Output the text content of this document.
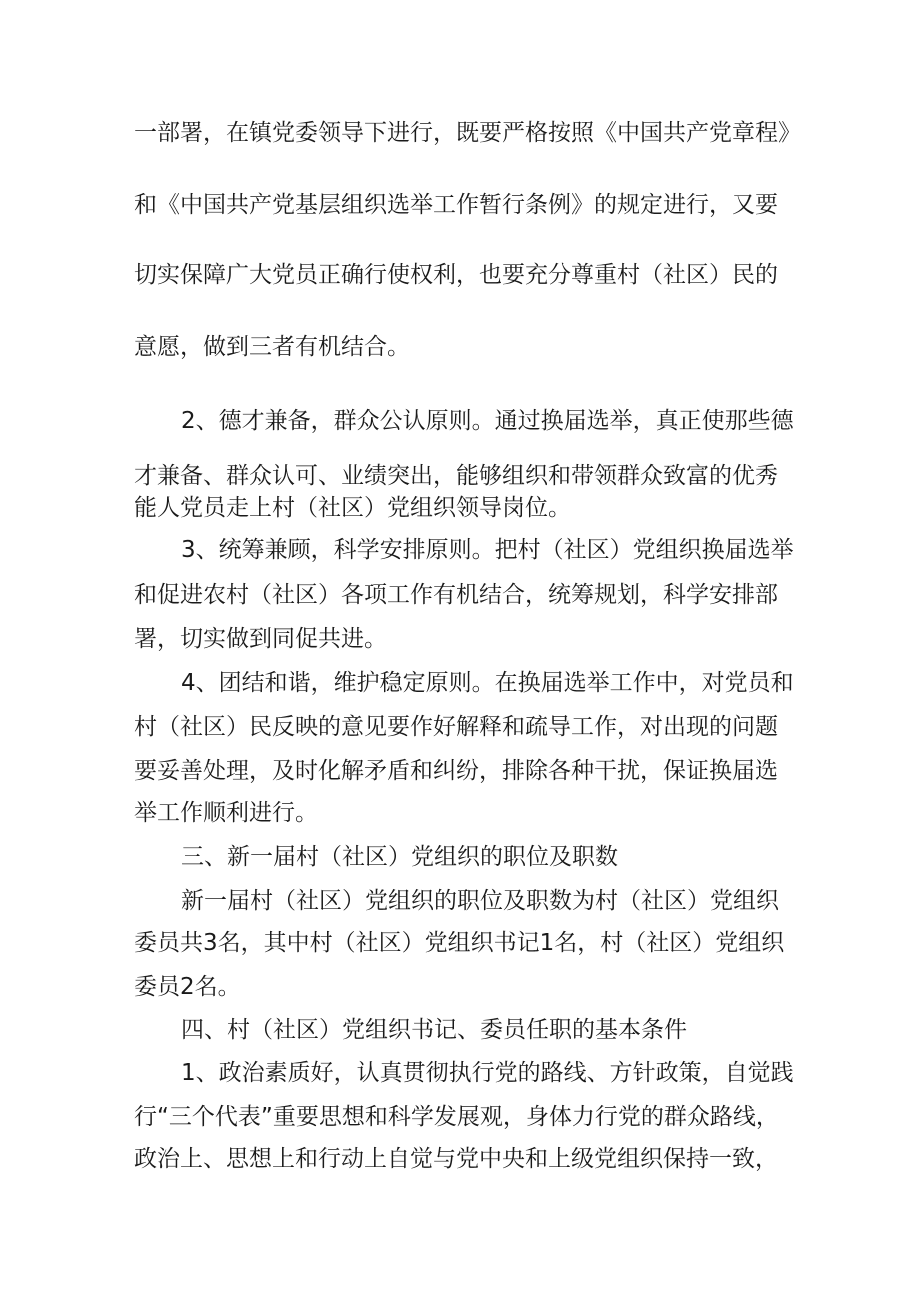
一部署，在镇党委领导下进行，既要严格按照《中国共产党章程》

和《中国共产党基层组织选举工作暂行条例》的规定进行，又要

切实保障广大党员正确行使权利，也要充分尊重村（社区）民的

意愿，做到三者有机结合。

2、德才兼备，群众公认原则。通过换届选举，真正使那些德

才兼备、群众认可、业绩突出，能够组织和带领群众致富的优秀

能人党员走上村（社区）党组织领导岗位。

3、统筹兼顾，科学安排原则。把村（社区）党组织换届选举

和促进农村（社区）各项工作有机结合，统筹规划，科学安排部

署，切实做到同促共进。

4、团结和谐，维护稳定原则。在换届选举工作中，对党员和

村（社区）民反映的意见要作好解释和疏导工作，对出现的问题

要妥善处理，及时化解矛盾和纠纷，排除各种干扰，保证换届选

举工作顺利进行。

三、新一届村（社区）党组织的职位及职数

新一届村（社区）党组织的职位及职数为村（社区）党组织

委员共3名，其中村（社区）党组织书记1名，村（社区）党组织

委员2名。

四、村（社区）党组织书记、委员任职的基本条件

1、政治素质好，认真贯彻执行党的路线、方针政策，自觉践

行“三个代表”重要思想和科学发展观，身体力行党的群众路线，

政治上、思想上和行动上自觉与党中央和上级党组织保持一致，
